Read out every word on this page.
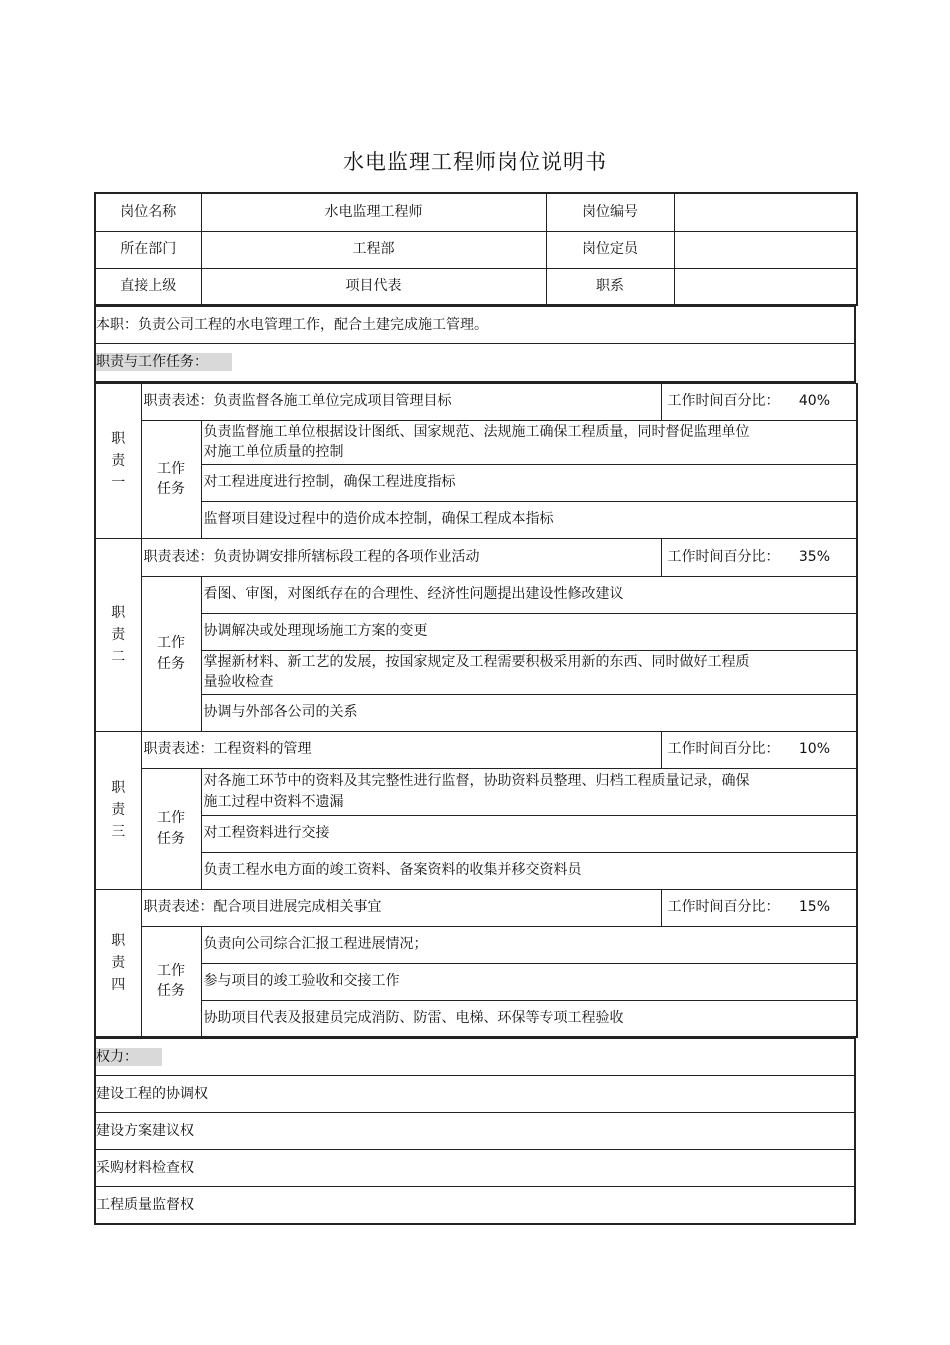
水电监理工程师岗位说明书
岗位名称	水电监理工程师	岗位编号	
所在部门	工程部	岗位定员	
直接上级	项目代表	职系	
本职：负责公司工程的水电管理工作，配合土建完成施工管理。
职责与工作任务：
职
责
一	职责表述：负责监督各施工单位完成项目管理目标		工作时间百分比： 40%

	工作
任务	负责监督施工单位根据设计图纸、国家规范、法规施工确保工程质量，同时督促监理单位
对施工单位质量的控制	
		对工程进度进行控制，确保工程进度指标	
		监督项目建设过程中的造价成本控制，确保工程成本指标	
职
责
二	职责表述：负责协调安排所辖标段工程的各项作业活动		工作时间百分比： 35%

	工作
任务	看图、审图，对图纸存在的合理性、经济性问题提出建设性修改建议	
		协调解决或处理现场施工方案的变更	
		掌握新材料、新工艺的发展，按国家规定及工程需要积极采用新的东西、同时做好工程质
量验收检查	
		协调与外部各公司的关系	
职
责
三	职责表述：工程资料的管理		工作时间百分比： 10%

	工作
任务	对各施工环节中的资料及其完整性进行监督，协助资料员整理、归档工程质量记录，确保
施工过程中资料不遗漏	
		对工程资料进行交接	
		负责工程水电方面的竣工资料、备案资料的收集并移交资料员	
职
责
四	职责表述：配合项目进展完成相关事宜		工作时间百分比： 15%

	工作
任务	负责向公司综合汇报工程进展情况；	
		参与项目的竣工验收和交接工作	
		协助项目代表及报建员完成消防、防雷、电梯、环保等专项工程验收	
权力：
建设工程的协调权
建设方案建议权
采购材料检查权
工程质量监督权
